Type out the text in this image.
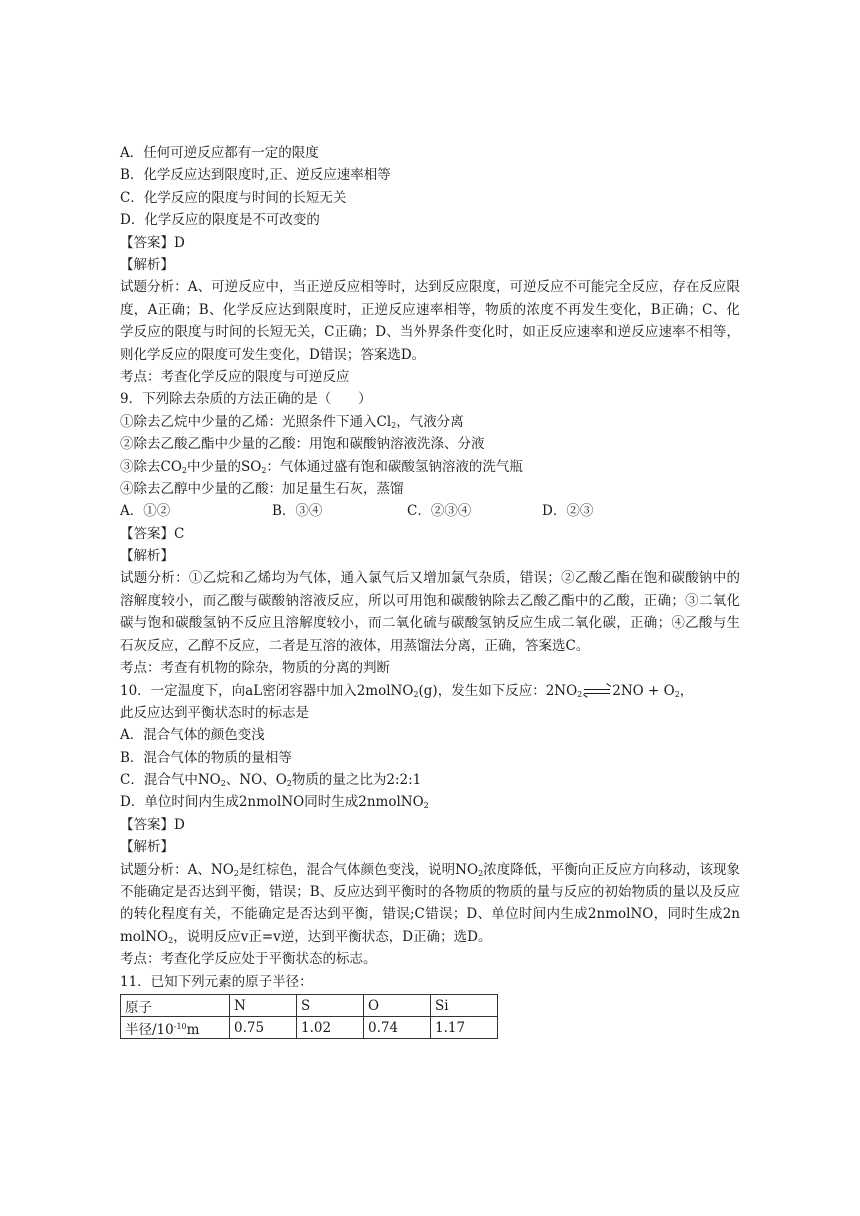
A．任何可逆反应都有一定的限度
B．化学反应达到限度时,正、逆反应速率相等
C．化学反应的限度与时间的长短无关
D．化学反应的限度是不可改变的
【答案】D
【解析】
试题分析：A、可逆反应中，当正逆反应相等时，达到反应限度，可逆反应不可能完全反应，存在反应限度，A正确；B、化学反应达到限度时，正逆反应速率相等，物质的浓度不再发生变化，B正确；C、化学反应的限度与时间的长短无关，C正确；D、当外界条件变化时，如正反应速率和逆反应速率不相等，则化学反应的限度可发生变化，D错误；答案选D。
考点：考查化学反应的限度与可逆反应
9．下列除去杂质的方法正确的是（　　）
①除去乙烷中少量的乙烯：光照条件下通入$Cl_2$，气液分离
②除去乙酸乙酯中少量的乙酸：用饱和碳酸钠溶液洗涤、分液
③除去$CO_2$中少量的$SO_2$：气体通过盛有饱和碳酸氢钠溶液的洗气瓶
④除去乙醇中少量的乙酸：加足量生石灰，蒸馏
A．①②	B．③④	C．②③④	D．②③
【答案】C
【解析】
试题分析：①乙烷和乙烯均为气体，通入氯气后又增加氯气杂质，错误；②乙酸乙酯在饱和碳酸钠中的溶解度较小，而乙酸与碳酸钠溶液反应，所以可用饱和碳酸钠除去乙酸乙酯中的乙酸，正确；③二氧化碳与饱和碳酸氢钠不反应且溶解度较小，而二氧化硫与碳酸氢钠反应生成二氧化碳，正确；④乙酸与生石灰反应，乙醇不反应，二者是互溶的液体，用蒸馏法分离，正确，答案选C。
考点：考查有机物的除杂，物质的分离的判断
10．一定温度下，向aL密闭容器中加入2molNO$_2$(g)，发生如下反应：$2NO_2$ $2NO + O_2$，
此反应达到平衡状态时的标志是
A．混合气体的颜色变浅
B．混合气体的物质的量相等
C．混合气中$NO_2$、NO、$O_2$物质的量之比为2:2:1
D．单位时间内生成2nmolNO同时生成2nmolNO$_2$
【答案】D
【解析】
试题分析：A、$NO_2$是红棕色，混合气体颜色变浅，说明$NO_2$浓度降低，平衡向正反应方向移动，该现象不能确定是否达到平衡，错误；B、反应达到平衡时的各物质的物质的量与反应的初始物质的量以及反应的转化程度有关，不能确定是否达到平衡，错误;C错误；D、单位时间内生成2nmolNO，同时生成2n molNO$_2$，说明反应v正=v逆，达到平衡状态，D正确；选D。
考点：考查化学反应处于平衡状态的标志。
11．已知下列元素的原子半径：
原子	N	S	O	Si
半径$/10^{-10}m$	0.75	1.02	0.74	1.17
